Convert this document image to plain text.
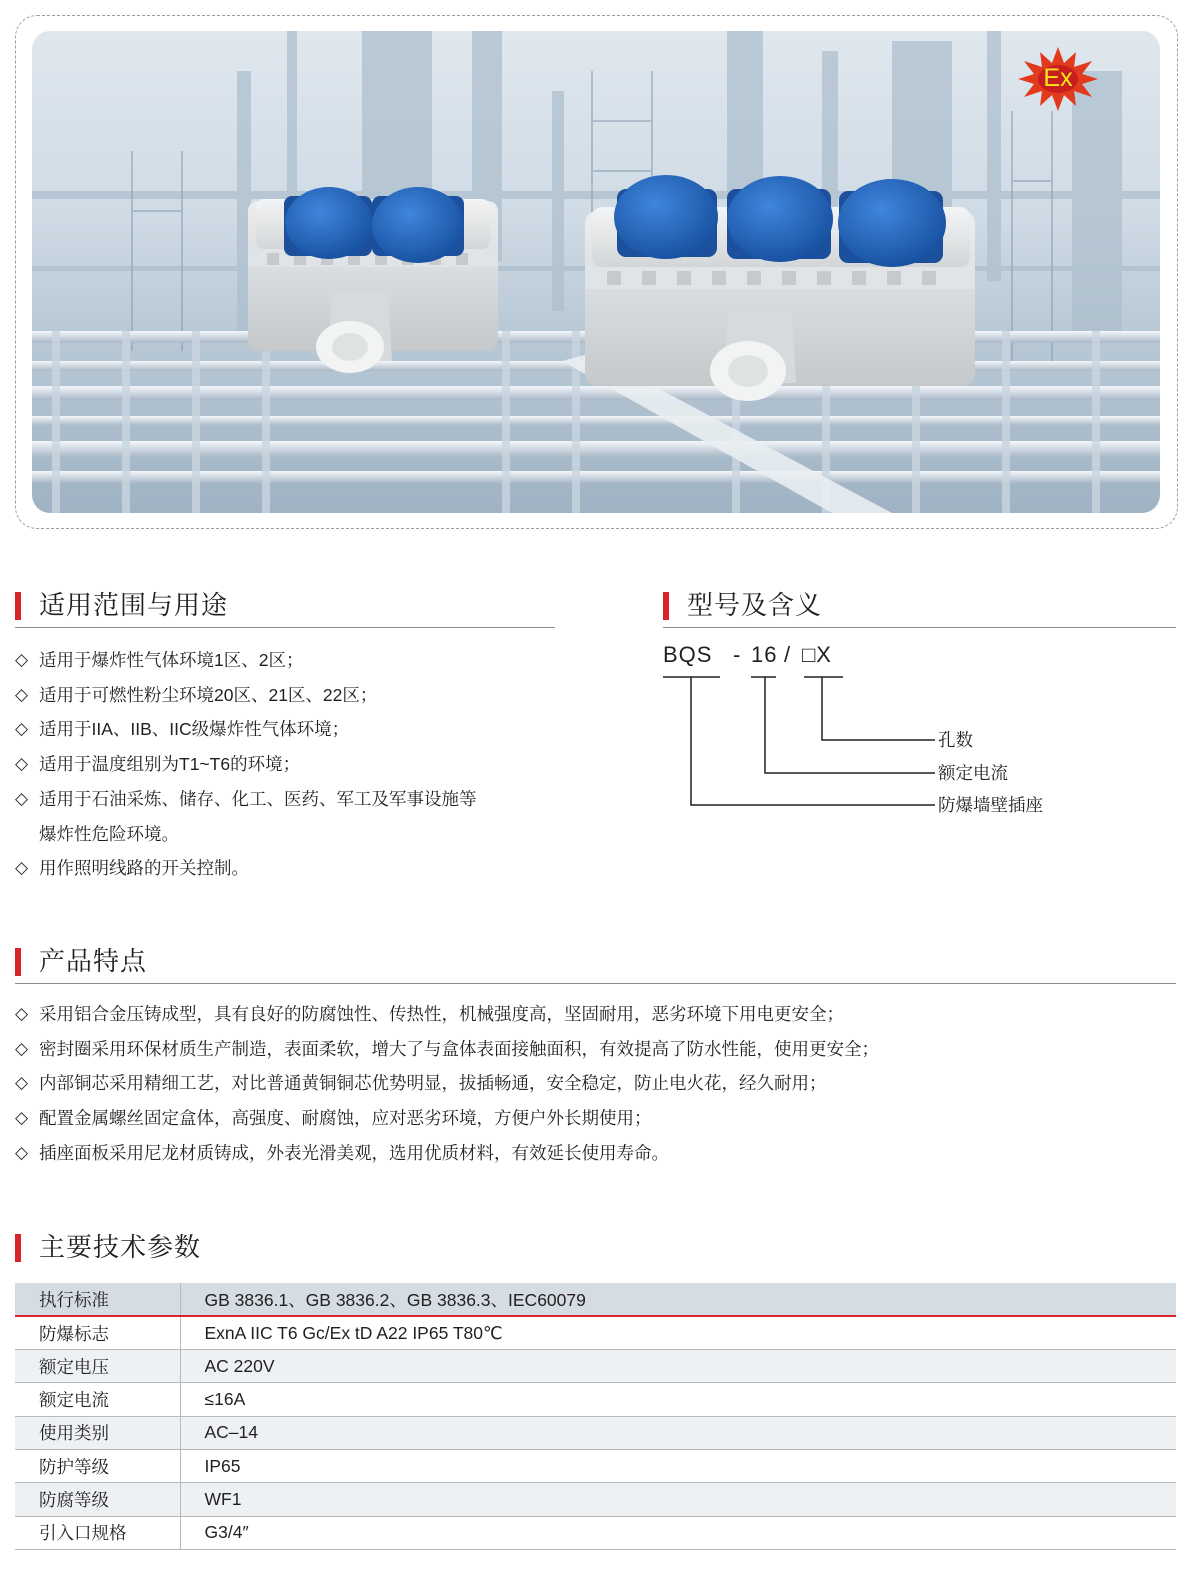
Ex
适用范围与用途
◇ 适用于爆炸性气体环境1区、2区；
◇ 适用于可燃性粉尘环境20区、21区、22区；
◇ 适用于IIA、IIB、IIC级爆炸性气体环境；
◇ 适用于温度组别为T1~T6的环境；
◇ 适用于石油采炼、储存、化工、医药、军工及军事设施等
爆炸性危险环境。
◇ 用作照明线路的开关控制。
型号及含义
BQS - 16 / □X
孔数
额定电流
防爆墙壁插座
产品特点
◇ 采用铝合金压铸成型，具有良好的防腐蚀性、传热性，机械强度高，坚固耐用，恶劣环境下用电更安全；
◇ 密封圈采用环保材质生产制造，表面柔软，增大了与盒体表面接触面积，有效提高了防水性能，使用更安全；
◇ 内部铜芯采用精细工艺，对比普通黄铜铜芯优势明显，拔插畅通，安全稳定，防止电火花，经久耐用；
◇ 配置金属螺丝固定盒体，高强度、耐腐蚀，应对恶劣环境，方便户外长期使用；
◇ 插座面板采用尼龙材质铸成，外表光滑美观，选用优质材料，有效延长使用寿命。
主要技术参数
执行标准	GB 3836.1、GB 3836.2、GB 3836.3、IEC60079
防爆标志	ExnA IIC T6 Gc/Ex tD A22 IP65 T80℃
额定电压	AC 220V
额定电流	≤16A
使用类别	AC–14
防护等级	IP65
防腐等级	WF1
引入口规格	G3/4″
